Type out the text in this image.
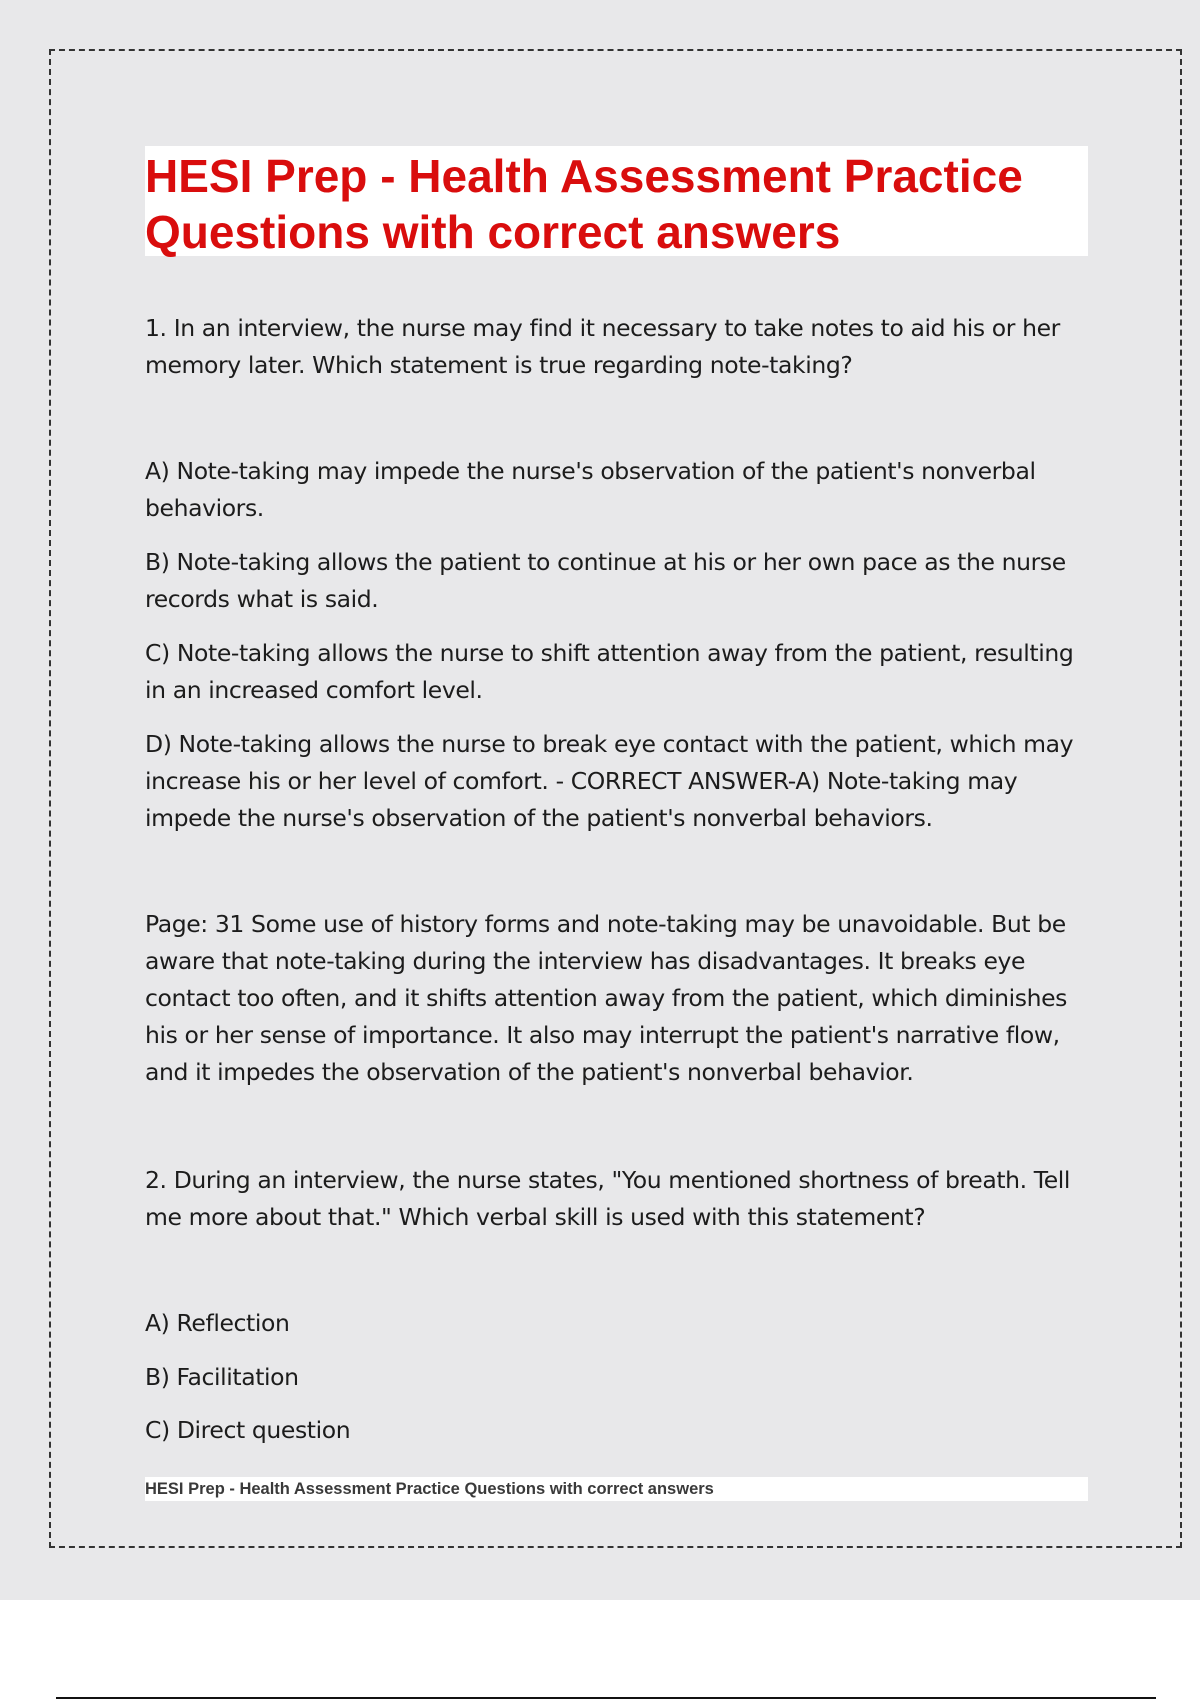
HESI Prep - Health Assessment Practice Questions with correct answers

1. In an interview, the nurse may find it necessary to take notes to aid his or her memory later. Which statement is true regarding note-taking?

A) Note-taking may impede the nurse's observation of the patient's nonverbal behaviors.

B) Note-taking allows the patient to continue at his or her own pace as the nurse records what is said.

C) Note-taking allows the nurse to shift attention away from the patient, resulting in an increased comfort level.

D) Note-taking allows the nurse to break eye contact with the patient, which may increase his or her level of comfort. - CORRECT ANSWER-A) Note-taking may impede the nurse's observation of the patient's nonverbal behaviors.

Page: 31 Some use of history forms and note-taking may be unavoidable. But be aware that note-taking during the interview has disadvantages. It breaks eye contact too often, and it shifts attention away from the patient, which diminishes his or her sense of importance. It also may interrupt the patient's narrative flow, and it impedes the observation of the patient's nonverbal behavior.

2. During an interview, the nurse states, "You mentioned shortness of breath. Tell me more about that." Which verbal skill is used with this statement?

A) Reflection

B) Facilitation

C) Direct question

HESI Prep - Health Assessment Practice Questions with correct answers
